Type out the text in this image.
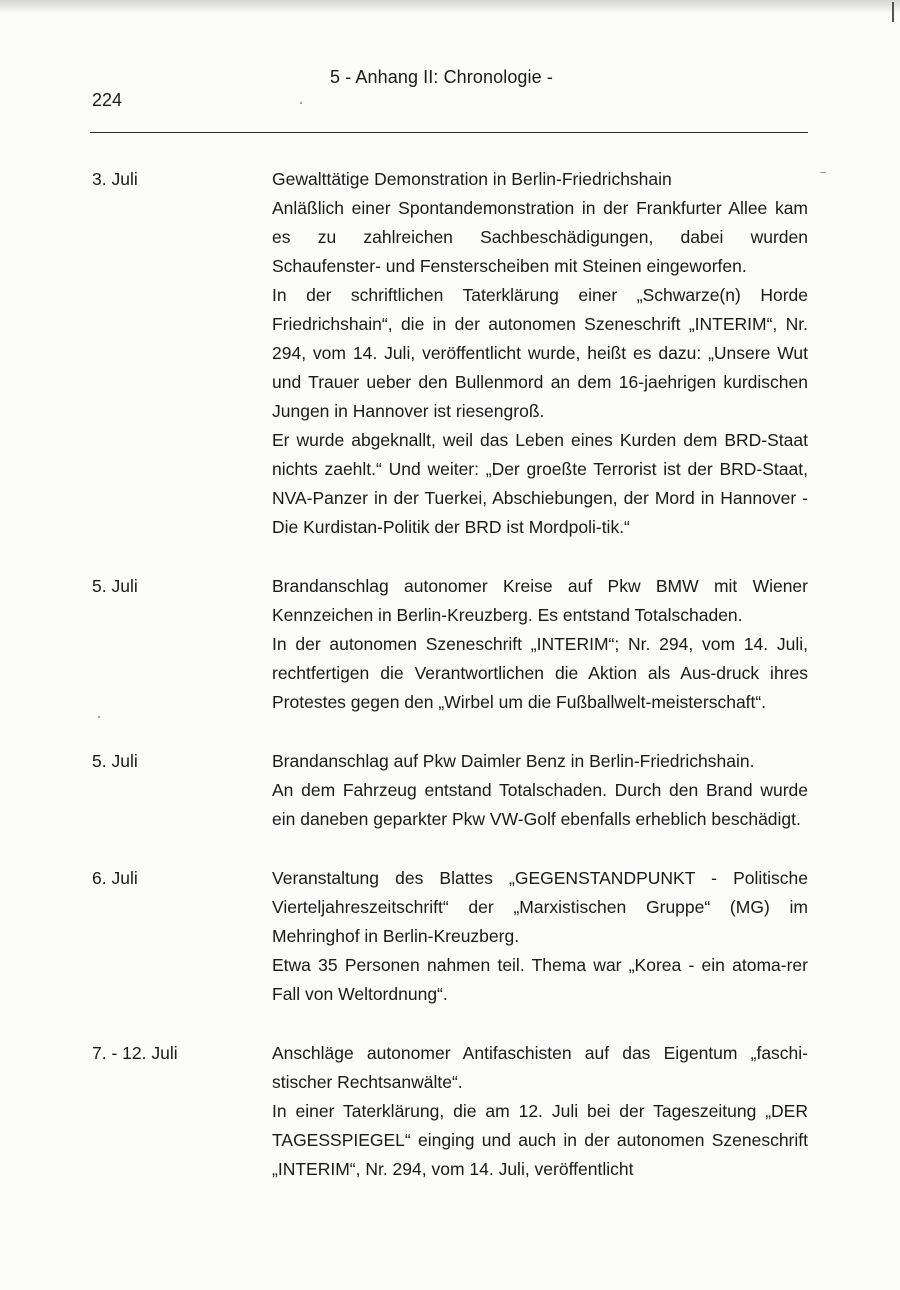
5 - Anhang II: Chronologie -
224
3. Juli	Gewalttätige Demonstration in Berlin-Friedrichshain

Anläßlich einer Spontandemonstration in der Frankfurter Allee kam es zu zahlreichen Sachbeschädigungen, dabei wurden Schaufenster- und Fensterscheiben mit Steinen eingeworfen.

In der schriftlichen Taterklärung einer „Schwarze(n) Horde Friedrichshain“, die in der autonomen Szeneschrift „INTERIM“, Nr. 294, vom 14. Juli, veröffentlicht wurde, heißt es dazu: „Unsere Wut und Trauer ueber den Bullenmord an dem 16-jaehrigen kurdischen Jungen in Hannover ist riesengroß.

Er wurde abgeknallt, weil das Leben eines Kurden dem BRD-Staat nichts zaehlt.“ Und weiter: „Der groeßte Terrorist ist der BRD-Staat, NVA-Panzer in der Tuerkei, Abschiebungen, der Mord in Hannover - Die Kurdistan-Politik der BRD ist Mordpoli-tik.“

5. Juli	Brandanschlag autonomer Kreise auf Pkw BMW mit Wiener Kennzeichen in Berlin-Kreuzberg. Es entstand Totalschaden.

In der autonomen Szeneschrift „INTERIM“; Nr. 294, vom 14. Juli, rechtfertigen die Verantwortlichen die Aktion als Aus-druck ihres Protestes gegen den „Wirbel um die Fußballwelt-meisterschaft“.

5. Juli	Brandanschlag auf Pkw Daimler Benz in Berlin-Friedrichshain.

An dem Fahrzeug entstand Totalschaden. Durch den Brand wurde ein daneben geparkter Pkw VW-Golf ebenfalls erheblich beschädigt.

6. Juli	Veranstaltung des Blattes „GEGENSTANDPUNKT - Politische Vierteljahreszeitschrift“ der „Marxistischen Gruppe“ (MG) im Mehringhof in Berlin-Kreuzberg.

Etwa 35 Personen nahmen teil. Thema war „Korea - ein atoma-rer Fall von Weltordnung“.

7. - 12. Juli	Anschläge autonomer Antifaschisten auf das Eigentum „faschi-stischer Rechtsanwälte“.

In einer Taterklärung, die am 12. Juli bei der Tageszeitung „DER TAGESSPIEGEL“ einging und auch in der autonomen Szeneschrift „INTERIM“, Nr. 294, vom 14. Juli, veröffentlicht
